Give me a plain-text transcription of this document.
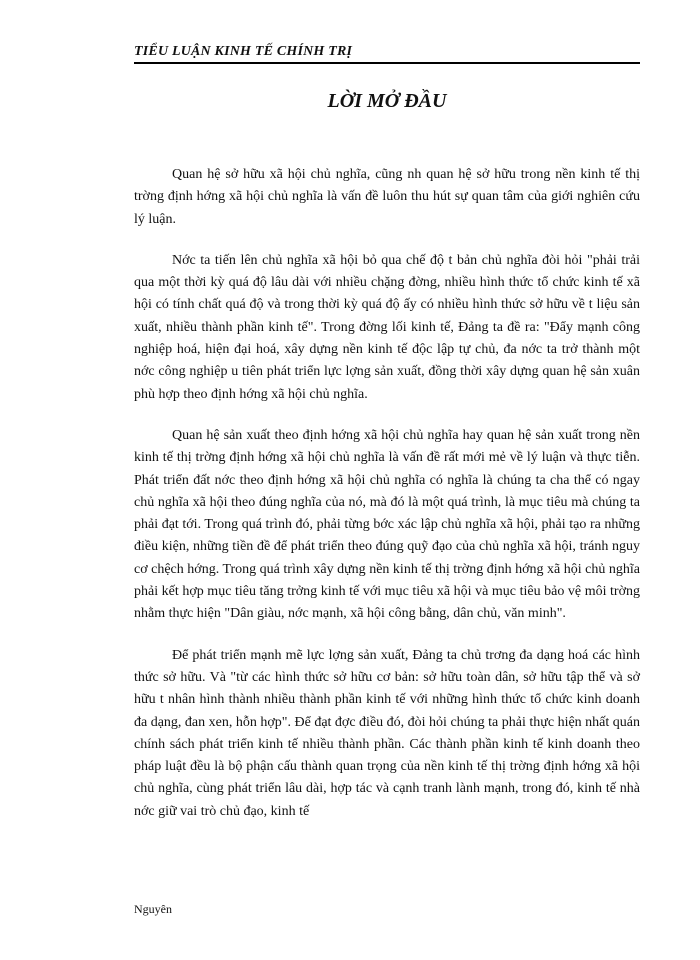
TIỂU LUẬN KINH TẾ CHÍNH TRỊ
LỜI MỞ ĐẦU

Quan hệ sở hữu xã hội chủ nghĩa, cũng nh quan hệ sở hữu trong nền kinh tế thị trờng định hớng xã hội chủ nghĩa là vấn đề luôn thu hút sự quan tâm của giới nghiên cứu lý luận.

Nớc ta tiến lên chủ nghĩa xã hội bỏ qua chế độ t bản chủ nghĩa đòi hỏi "phải trải qua một thời kỳ quá độ lâu dài với nhiều chặng đờng, nhiều hình thức tổ chức kinh tế xã hội có tính chất quá độ và trong thời kỳ quá độ ấy có nhiều hình thức sở hữu về t liệu sản xuất, nhiều thành phần kinh tế". Trong đờng lối kinh tế, Đảng ta đề ra: "Đẩy mạnh công nghiệp hoá, hiện đại hoá, xây dựng nền kinh tế độc lập tự chủ, đa nớc ta trở thành một nớc công nghiệp u tiên phát triển lực lợng sản xuất, đồng thời xây dựng quan hệ sản xuân phù hợp theo định hớng xã hội chủ nghĩa.

Quan hệ sản xuất theo định hớng xã hội chủ nghĩa hay quan hệ sản xuất trong nền kinh tế thị trờng định hớng xã hội chủ nghĩa là vấn đề rất mới mẻ về lý luận và thực tiễn. Phát triển đất nớc theo định hớng xã hội chủ nghĩa có nghĩa là chúng ta cha thể có ngay chủ nghĩa xã hội theo đúng nghĩa của nó, mà đó là một quá trình, là mục tiêu mà chúng ta phải đạt tới. Trong quá trình đó, phải từng bớc xác lập chủ nghĩa xã hội, phải tạo ra những điều kiện, những tiền đề để phát triển theo đúng quỹ đạo của chủ nghĩa xã hội, tránh nguy cơ chệch hớng. Trong quá trình xây dựng nền kinh tế thị trờng định hớng xã hội chủ nghĩa phải kết hợp mục tiêu tăng trởng kinh tế với mục tiêu xã hội và mục tiêu bảo vệ môi trờng nhằm thực hiện "Dân giàu, nớc mạnh, xã hội công bằng, dân chủ, văn minh".

Để phát triển mạnh mẽ lực lợng sản xuất, Đảng ta chủ trơng đa dạng hoá các hình thức sở hữu. Và "từ các hình thức sở hữu cơ bản: sở hữu toàn dân, sở hữu tập thể và sở hữu t nhân hình thành nhiều thành phần kinh tế với những hình thức tổ chức kinh doanh đa dạng, đan xen, hỗn hợp". Để đạt đợc điều đó, đòi hỏi chúng ta phải thực hiện nhất quán chính sách phát triển kinh tế nhiều thành phần. Các thành phần kinh tế kinh doanh theo pháp luật đều là bộ phận cấu thành quan trọng của nền kinh tế thị trờng định hớng xã hội chủ nghĩa, cùng phát triển lâu dài, hợp tác và cạnh tranh lành mạnh, trong đó, kinh tế nhà nớc giữ vai trò chủ đạo, kinh tế

Nguyên
